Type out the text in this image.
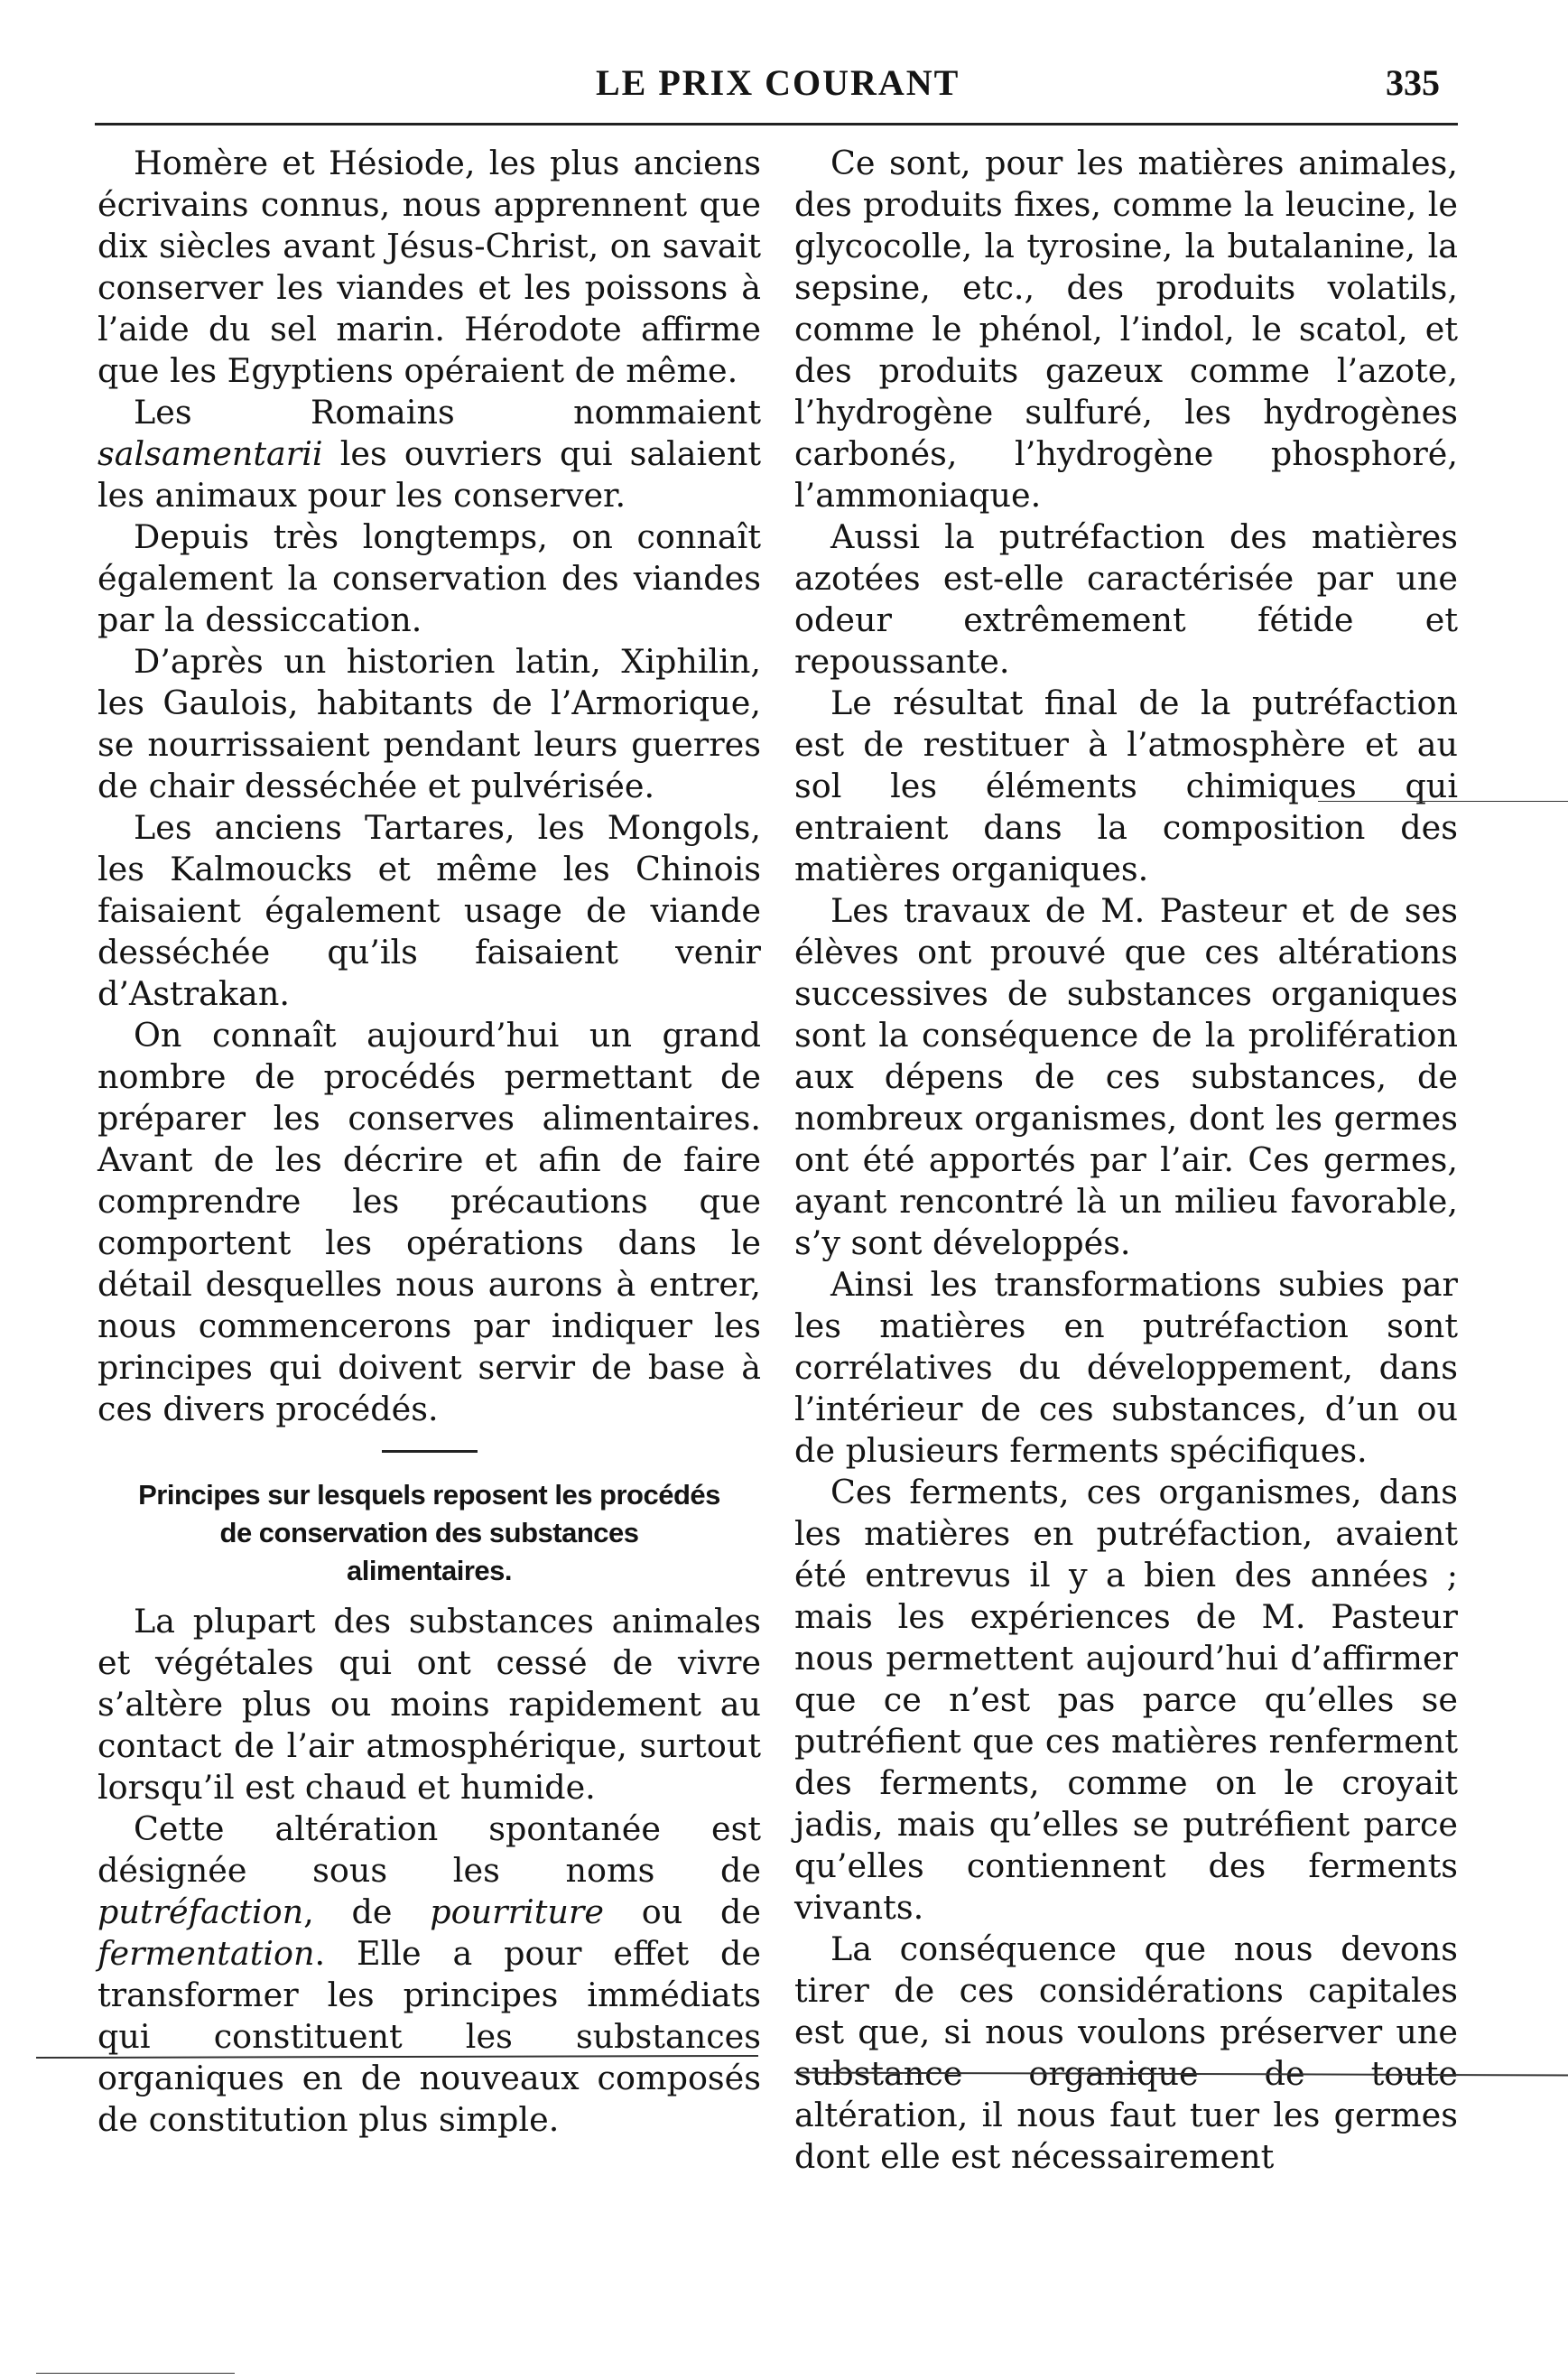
LE PRIX COURANT	335

Homère et Hésiode, les plus anciens écrivains connus, nous apprennent que dix siècles avant Jésus-Christ, on savait conserver les viandes et les poissons à l’aide du sel marin. Hérodote affirme que les Egyptiens opéraient de même.

Les Romains nommaient salsamentarii les ouvriers qui salaient les animaux pour les conserver.

Depuis très longtemps, on connaît également la conservation des viandes par la dessiccation.

D’après un historien latin, Xiphilin, les Gaulois, habitants de l’Armorique, se nourrissaient pendant leurs guerres de chair desséchée et pulvérisée.

Les anciens Tartares, les Mongols, les Kalmoucks et même les Chinois faisaient également usage de viande desséchée qu’ils faisaient venir d’Astrakan.

On connaît aujourd’hui un grand nombre de procédés permettant de préparer les conserves alimentaires. Avant de les décrire et afin de faire comprendre les précautions que comportent les opérations dans le détail desquelles nous aurons à entrer, nous commencerons par indiquer les principes qui doivent servir de base à ces divers procédés.

Principes sur lesquels reposent les procédés
de conservation des substances
alimentaires.

La plupart des substances animales et végétales qui ont cessé de vivre s’altère plus ou moins rapidement au contact de l’air atmosphérique, surtout lorsqu’il est chaud et humide.

Cette altération spontanée est désignée sous les noms de putréfaction, de pourriture ou de fermentation. Elle a pour effet de transformer les principes immédiats qui constituent les substances organiques en de nouveaux composés de constitution plus simple.

Ce sont, pour les matières animales, des produits fixes, comme la leucine, le glycocolle, la tyrosine, la butalanine, la sepsine, etc., des produits volatils, comme le phénol, l’indol, le scatol, et des produits gazeux comme l’azote, l’hydrogène sulfuré, les hydrogènes carbonés, l’hydrogène phosphoré, l’ammoniaque.

Aussi la putréfaction des matières azotées est-elle caractérisée par une odeur extrêmement fétide et repoussante.

Le résultat final de la putréfaction est de restituer à l’atmosphère et au sol les éléments chimiques qui entraient dans la composition des matières organiques.

Les travaux de M. Pasteur et de ses élèves ont prouvé que ces altérations successives de substances organiques sont la conséquence de la prolifération aux dépens de ces substances, de nombreux organismes, dont les germes ont été apportés par l’air. Ces germes, ayant rencontré là un milieu favorable, s’y sont développés.

Ainsi les transformations subies par les matières en putréfaction sont corrélatives du développement, dans l’intérieur de ces substances, d’un ou de plusieurs ferments spécifiques.

Ces ferments, ces organismes, dans les matières en putréfaction, avaient été entrevus il y a bien des années ; mais les expériences de M. Pasteur nous permettent aujourd’hui d’affirmer que ce n’est pas parce qu’elles se putréfient que ces matières renferment des ferments, comme on le croyait jadis, mais qu’elles se putréfient parce qu’elles contiennent des ferments vivants.

La conséquence que nous devons tirer de ces considérations capitales est que, si nous voulons préserver une substance organique de toute altération, il nous faut tuer les germes dont elle est nécessairement
